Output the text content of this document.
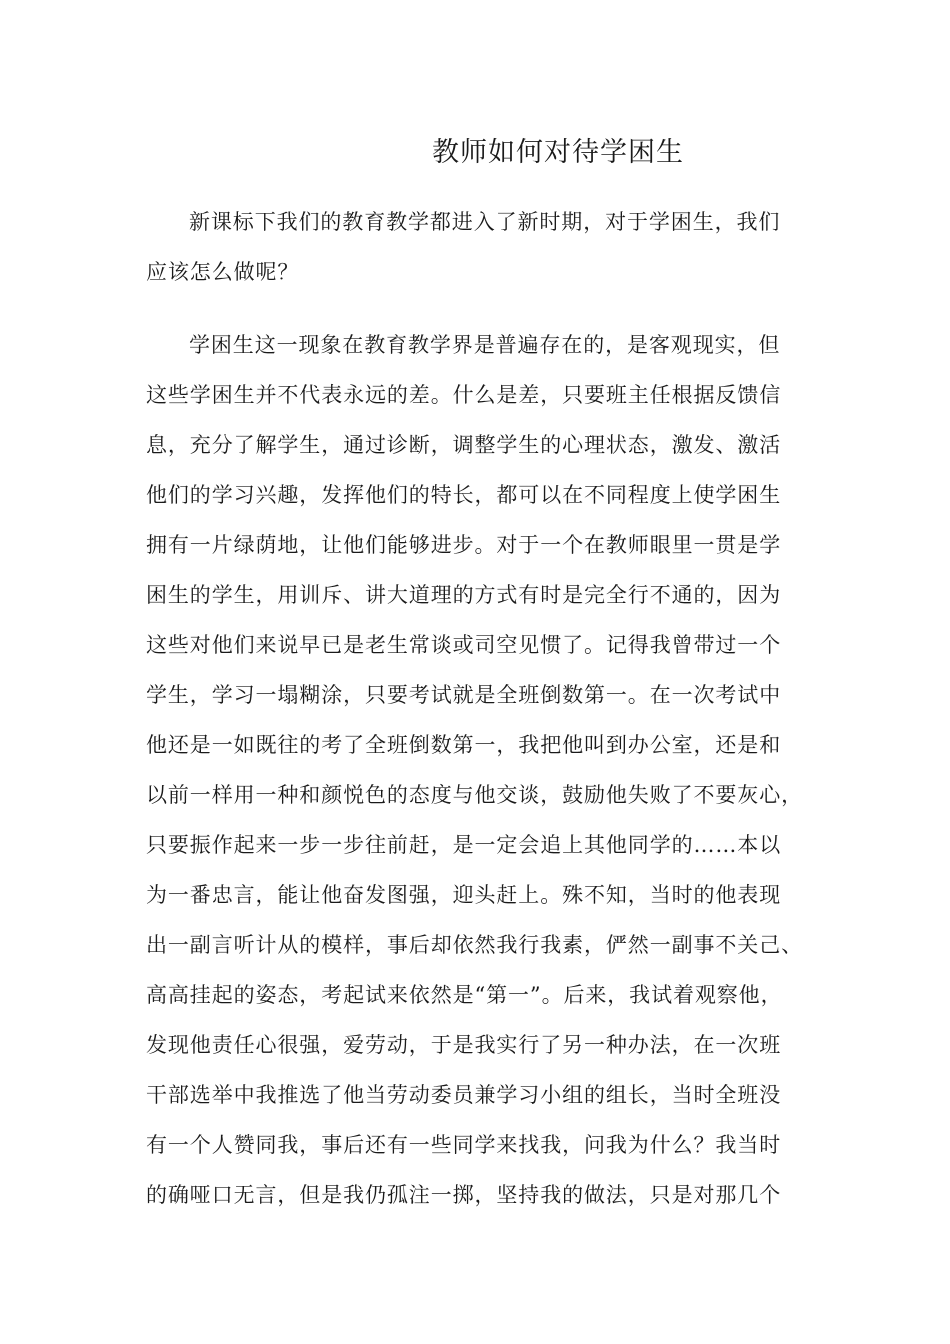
教师如何对待学困生
新课标下我们的教育教学都进入了新时期，对于学困生，我们
应该怎么做呢？
学困生这一现象在教育教学界是普遍存在的，是客观现实，但
这些学困生并不代表永远的差。什么是差，只要班主任根据反馈信
息，充分了解学生，通过诊断，调整学生的心理状态，激发、激活
他们的学习兴趣，发挥他们的特长，都可以在不同程度上使学困生
拥有一片绿荫地，让他们能够进步。对于一个在教师眼里一贯是学
困生的学生，用训斥、讲大道理的方式有时是完全行不通的，因为
这些对他们来说早已是老生常谈或司空见惯了。记得我曾带过一个
学生，学习一塌糊涂，只要考试就是全班倒数第一。在一次考试中
他还是一如既往的考了全班倒数第一，我把他叫到办公室，还是和
以前一样用一种和颜悦色的态度与他交谈，鼓励他失败了不要灰心，
只要振作起来一步一步往前赶，是一定会追上其他同学的……本以
为一番忠言，能让他奋发图强，迎头赶上。殊不知，当时的他表现
出一副言听计从的模样，事后却依然我行我素，俨然一副事不关己、
高高挂起的姿态，考起试来依然是“第一”。后来，我试着观察他，
发现他责任心很强，爱劳动，于是我实行了另一种办法，在一次班
干部选举中我推选了他当劳动委员兼学习小组的组长，当时全班没
有一个人赞同我，事后还有一些同学来找我，问我为什么？我当时
的确哑口无言，但是我仍孤注一掷，坚持我的做法，只是对那几个
